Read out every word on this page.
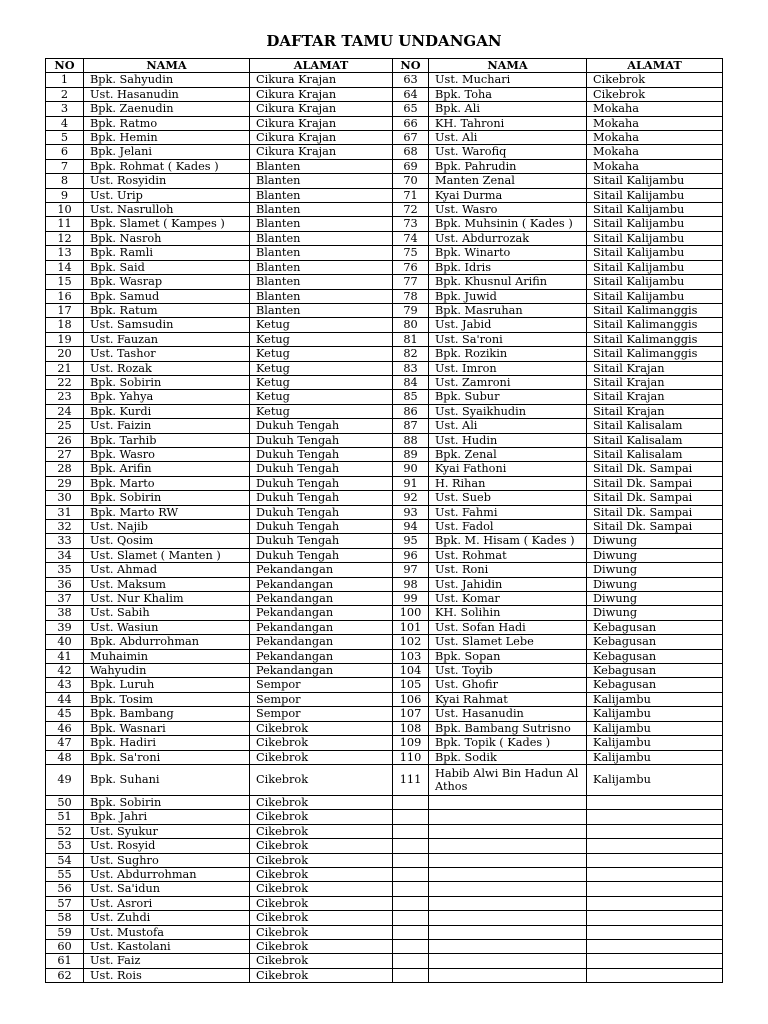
DAFTAR TAMU UNDANGAN
NO	NAMA	ALAMAT	NO	NAMA	ALAMAT
1	Bpk. Sahyudin	Cikura Krajan	63	Ust. Muchari	Cikebrok
2	Ust. Hasanudin	Cikura Krajan	64	Bpk. Toha	Cikebrok
3	Bpk. Zaenudin	Cikura Krajan	65	Bpk. Ali	Mokaha
4	Bpk. Ratmo	Cikura Krajan	66	KH. Tahroni	Mokaha
5	Bpk. Hemin	Cikura Krajan	67	Ust. Ali	Mokaha
6	Bpk. Jelani	Cikura Krajan	68	Ust. Warofiq	Mokaha
7	Bpk. Rohmat ( Kades )	Blanten	69	Bpk. Pahrudin	Mokaha
8	Ust. Rosyidin	Blanten	70	Manten Zenal	Sitail Kalijambu
9	Ust. Urip	Blanten	71	Kyai Durma	Sitail Kalijambu
10	Ust. Nasrulloh	Blanten	72	Ust. Wasro	Sitail Kalijambu
11	Bpk. Slamet ( Kampes )	Blanten	73	Bpk. Muhsinin ( Kades )	Sitail Kalijambu
12	Bpk. Nasroh	Blanten	74	Ust. Abdurrozak	Sitail Kalijambu
13	Bpk. Ramli	Blanten	75	Bpk. Winarto	Sitail Kalijambu
14	Bpk. Said	Blanten	76	Bpk. Idris	Sitail Kalijambu
15	Bpk. Wasrap	Blanten	77	Bpk. Khusnul Arifin	Sitail Kalijambu
16	Bpk. Samud	Blanten	78	Bpk. Juwid	Sitail Kalijambu
17	Bpk. Ratum	Blanten	79	Bpk. Masruhan	Sitail Kalimanggis
18	Ust. Samsudin	Ketug	80	Ust. Jabid	Sitail Kalimanggis
19	Ust. Fauzan	Ketug	81	Ust. Sa'roni	Sitail Kalimanggis
20	Ust. Tashor	Ketug	82	Bpk. Rozikin	Sitail Kalimanggis
21	Ust. Rozak	Ketug	83	Ust. Imron	Sitail Krajan
22	Bpk. Sobirin	Ketug	84	Ust. Zamroni	Sitail Krajan
23	Bpk. Yahya	Ketug	85	Bpk. Subur	Sitail Krajan
24	Bpk. Kurdi	Ketug	86	Ust. Syaikhudin	Sitail Krajan
25	Ust. Faizin	Dukuh Tengah	87	Ust. Ali	Sitail Kalisalam
26	Bpk. Tarhib	Dukuh Tengah	88	Ust. Hudin	Sitail Kalisalam
27	Bpk. Wasro	Dukuh Tengah	89	Bpk. Zenal	Sitail Kalisalam
28	Bpk. Arifin	Dukuh Tengah	90	Kyai Fathoni	Sitail Dk. Sampai
29	Bpk. Marto	Dukuh Tengah	91	H. Rihan	Sitail Dk. Sampai
30	Bpk. Sobirin	Dukuh Tengah	92	Ust. Sueb	Sitail Dk. Sampai
31	Bpk. Marto RW	Dukuh Tengah	93	Ust. Fahmi	Sitail Dk. Sampai
32	Ust. Najib	Dukuh Tengah	94	Ust. Fadol	Sitail Dk. Sampai
33	Ust. Qosim	Dukuh Tengah	95	Bpk. M. Hisam ( Kades )	Diwung
34	Ust. Slamet ( Manten )	Dukuh Tengah	96	Ust. Rohmat	Diwung
35	Ust. Ahmad	Pekandangan	97	Ust. Roni	Diwung
36	Ust. Maksum	Pekandangan	98	Ust. Jahidin	Diwung
37	Ust. Nur Khalim	Pekandangan	99	Ust. Komar	Diwung
38	Ust. Sabih	Pekandangan	100	KH. Solihin	Diwung
39	Ust. Wasiun	Pekandangan	101	Ust. Sofan Hadi	Kebagusan
40	Bpk. Abdurrohman	Pekandangan	102	Ust. Slamet Lebe	Kebagusan
41	Muhaimin	Pekandangan	103	Bpk. Sopan	Kebagusan
42	Wahyudin	Pekandangan	104	Ust. Toyib	Kebagusan
43	Bpk. Luruh	Sempor	105	Ust. Ghofir	Kebagusan
44	Bpk. Tosim	Sempor	106	Kyai Rahmat	Kalijambu
45	Bpk. Bambang	Sempor	107	Ust. Hasanudin	Kalijambu
46	Bpk. Wasnari	Cikebrok	108	Bpk. Bambang Sutrisno	Kalijambu
47	Bpk. Hadiri	Cikebrok	109	Bpk. Topik ( Kades )	Kalijambu
48	Bpk. Sa'roni	Cikebrok	110	Bpk. Sodik	Kalijambu
49	Bpk. Suhani	Cikebrok	111	Habib Alwi Bin Hadun Al Athos	Kalijambu
50	Bpk. Sobirin	Cikebrok			
51	Bpk. Jahri	Cikebrok			
52	Ust. Syukur	Cikebrok			
53	Ust. Rosyid	Cikebrok			
54	Ust. Sughro	Cikebrok			
55	Ust. Abdurrohman	Cikebrok			
56	Ust. Sa'idun	Cikebrok			
57	Ust. Asrori	Cikebrok			
58	Ust. Zuhdi	Cikebrok			
59	Ust. Mustofa	Cikebrok			
60	Ust. Kastolani	Cikebrok			
61	Ust. Faiz	Cikebrok			
62	Ust. Rois	Cikebrok			
